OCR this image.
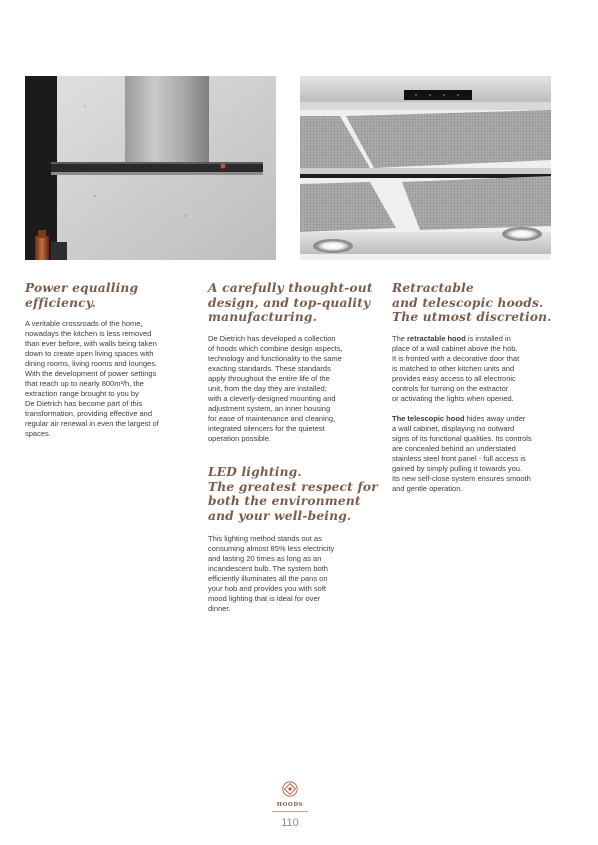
Power equalling
efficiency.

A veritable crossroads of the home,
nowadays the kitchen is less removed
than ever before, with walls being taken
down to create open living spaces with
dining rooms, living rooms and lounges.
With the development of power settings
that reach up to nearly 800m³/h, the
extraction range brought to you by
De Dietrich has become part of this
transformation, providing effective and
regular air renewal in even the largest of
spaces.

A carefully thought-out
design, and top-quality
manufacturing.

De Dietrich has developed a collection
of hoods which combine design aspects,
technology and functionality to the same
exacting standards. These standards
apply throughout the entire life of the
unit, from the day they are installed;
with a cleverly-designed mounting and
adjustment system, an inner housing
for ease of maintenance and cleaning,
integrated silencers for the quietest
operation possible.

LED lighting.
The greatest respect for
both the environment
and your well-being.

This lighting method stands out as
consuming almost 85% less electricity
and lasting 20 times as long as an
incandescent bulb. The system both
efficiently illuminates all the pans on
your hob and provides you with soft
mood lighting that is ideal for over
dinner.

Retractable
and telescopic hoods.
The utmost discretion.
The retractable hood is installed in
place of a wall cabinet above the hob.
It is fronted with a decorative door that
is matched to other kitchen units and
provides easy access to all electronic
controls for turning on the extractor
or activating the lights when opened.
The telescopic hood hides away under
a wall cabinet, displaying no outward
signs of its functional qualities. Its controls
are concealed behind an understated
stainless steel front panel - full access is
gained by simply pulling it towards you.
Its new self-close system ensures smooth
and gentle operation.
HOODS
110
